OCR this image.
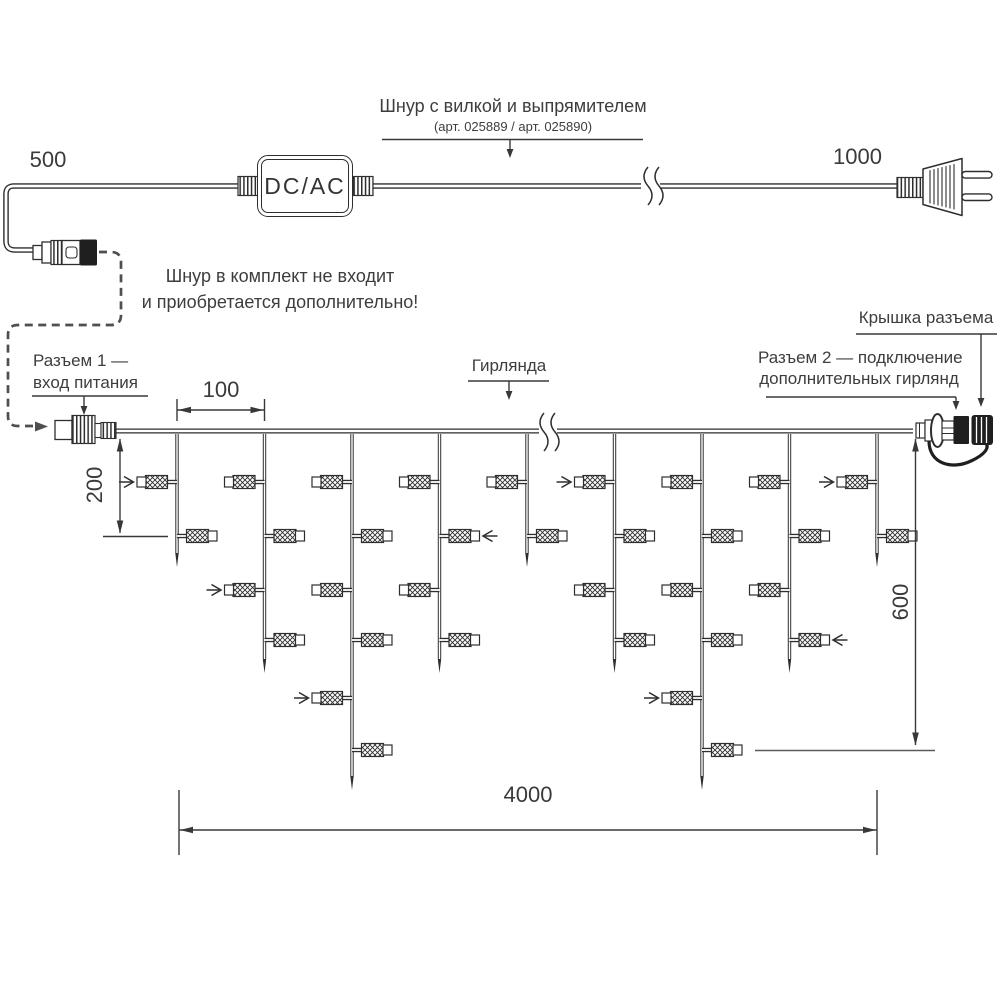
DC/AC
Шнур с вилкой и выпрямителем
(арт. 025889 / арт. 025890)
500	1000
Шнур в комплект не входит
и приобретается дополнительно!
Разъем 1 —
вход питания	100
Гирлянда
Крышка разъема
Разъем 2 — подключение
дополнительных гирлянд
200
600
4000
